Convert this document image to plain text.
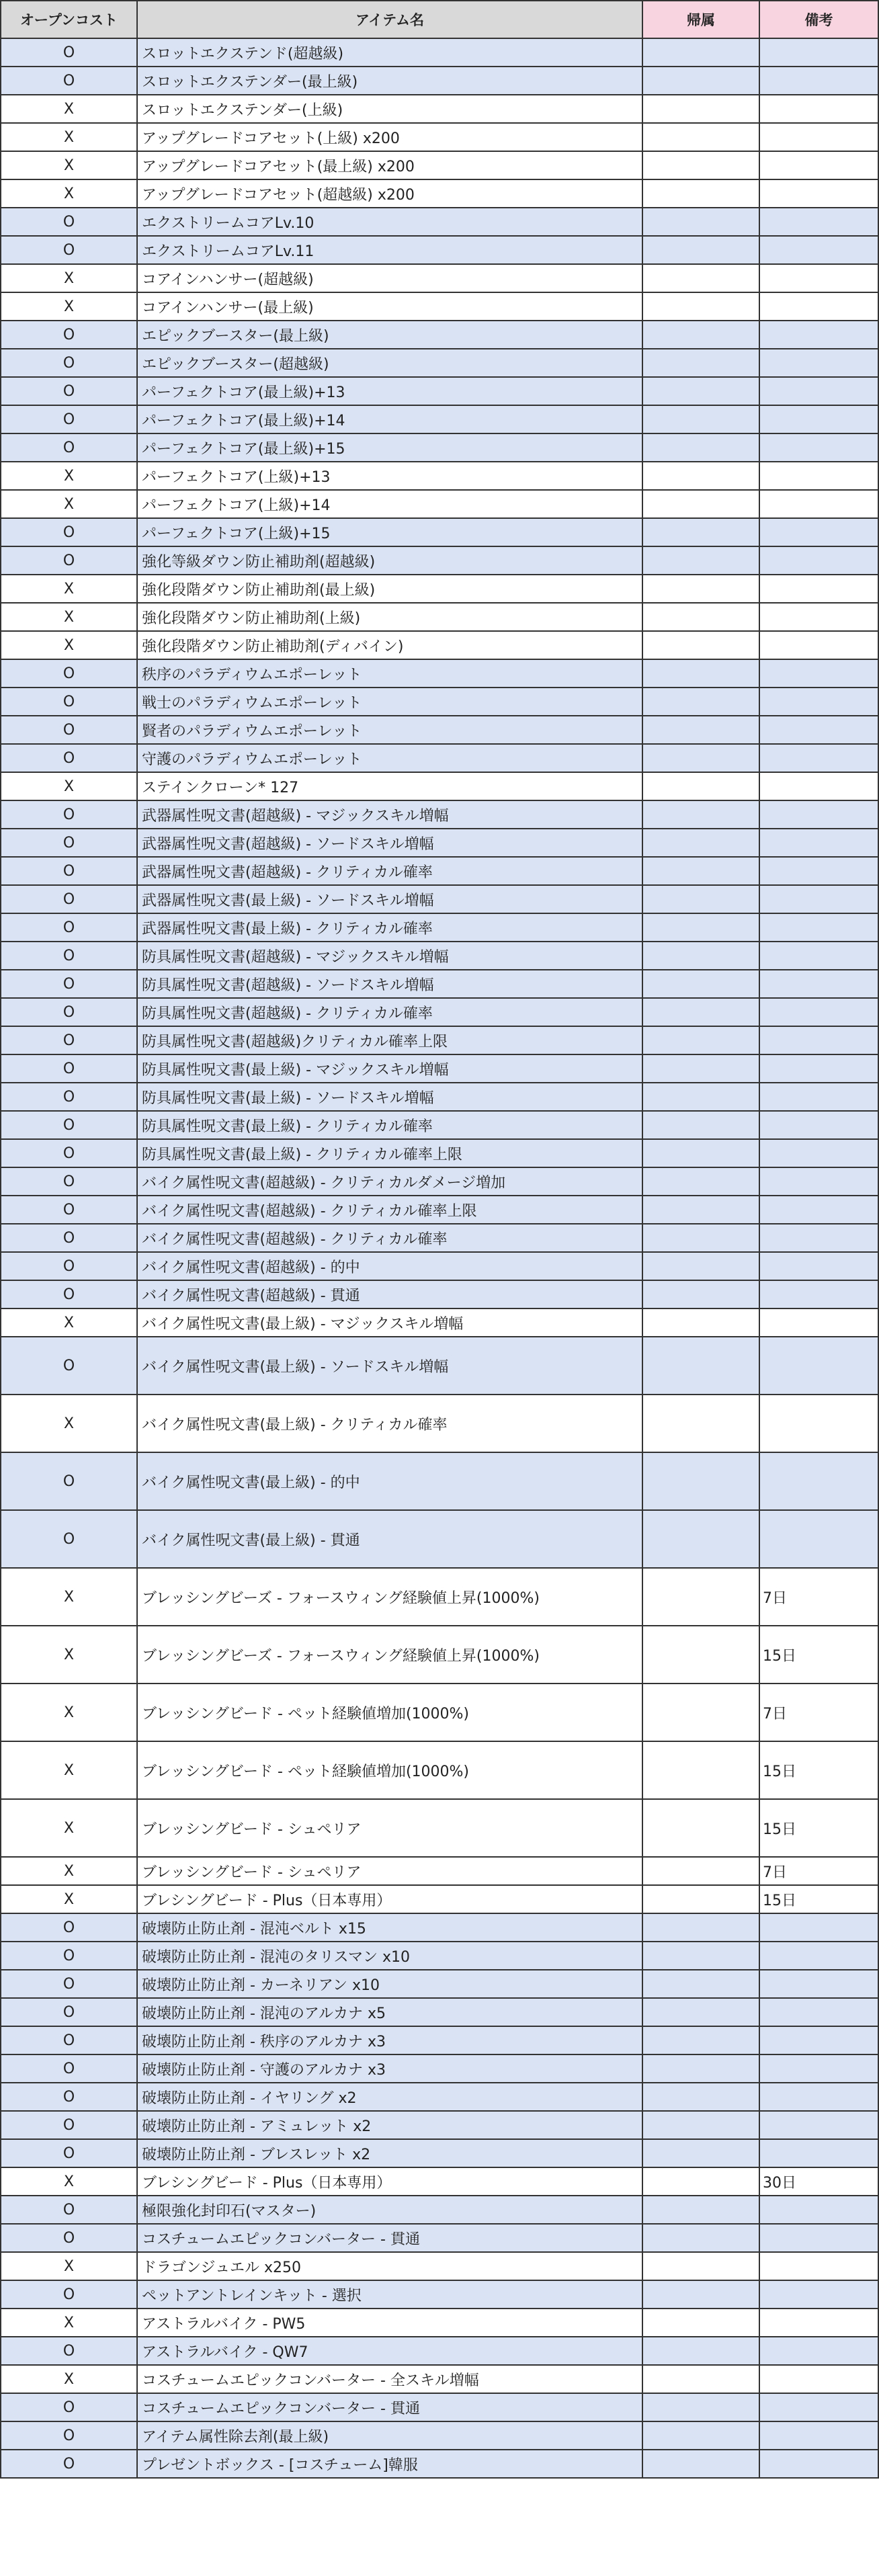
オープンコスト	アイテム名	帰属	備考
O	スロットエクステンド(超越級)		
O	スロットエクステンダー(最上級)		
X	スロットエクステンダー(上級)		
X	アップグレードコアセット(上級) x200		
X	アップグレードコアセット(最上級) x200		
X	アップグレードコアセット(超越級) x200		
O	エクストリームコアLv.10		
O	エクストリームコアLv.11		
X	コアインハンサー(超越級)		
X	コアインハンサー(最上級)		
O	エピックブースター(最上級)		
O	エピックブースター(超越級)		
O	パーフェクトコア(最上級)+13		
O	パーフェクトコア(最上級)+14		
O	パーフェクトコア(最上級)+15		
X	パーフェクトコア(上級)+13		
X	パーフェクトコア(上級)+14		
O	パーフェクトコア(上級)+15		
O	強化等級ダウン防止補助剤(超越級)		
X	強化段階ダウン防止補助剤(最上級)		
X	強化段階ダウン防止補助剤(上級)		
X	強化段階ダウン防止補助剤(ディバイン)		
O	秩序のパラディウムエポーレット		
O	戦士のパラディウムエポーレット		
O	賢者のパラディウムエポーレット		
O	守護のパラディウムエポーレット		
X	ステインクローン* 127		
O	武器属性呪文書(超越級) - マジックスキル増幅		
O	武器属性呪文書(超越級) - ソードスキル増幅		
O	武器属性呪文書(超越級) - クリティカル確率		
O	武器属性呪文書(最上級) - ソードスキル増幅		
O	武器属性呪文書(最上級) - クリティカル確率		
O	防具属性呪文書(超越級) - マジックスキル増幅		
O	防具属性呪文書(超越級) - ソードスキル増幅		
O	防具属性呪文書(超越級) - クリティカル確率		
O	防具属性呪文書(超越級)クリティカル確率上限		
O	防具属性呪文書(最上級) - マジックスキル増幅		
O	防具属性呪文書(最上級) - ソードスキル増幅		
O	防具属性呪文書(最上級) - クリティカル確率		
O	防具属性呪文書(最上級) - クリティカル確率上限		
O	バイク属性呪文書(超越級) - クリティカルダメージ増加		
O	バイク属性呪文書(超越級) - クリティカル確率上限		
O	バイク属性呪文書(超越級) - クリティカル確率		
O	バイク属性呪文書(超越級) - 的中		
O	バイク属性呪文書(超越級) - 貫通		
X	バイク属性呪文書(最上級) - マジックスキル増幅		
O	バイク属性呪文書(最上級) - ソードスキル増幅		
X	バイク属性呪文書(最上級) - クリティカル確率		
O	バイク属性呪文書(最上級) - 的中		
O	バイク属性呪文書(最上級) - 貫通		
X	ブレッシングビーズ - フォースウィング経験値上昇(1000%)		7日
X	ブレッシングビーズ - フォースウィング経験値上昇(1000%)		15日
X	ブレッシングビード - ペット経験値増加(1000%)		7日
X	ブレッシングビード - ペット経験値増加(1000%)		15日
X	ブレッシングビード - シュペリア		15日
X	ブレッシングビード - シュペリア		7日
X	ブレシングビード - Plus（日本専用）		15日
O	破壊防止防止剤 - 混沌ベルト x15		
O	破壊防止防止剤 - 混沌のタリスマン x10		
O	破壊防止防止剤 - カーネリアン x10		
O	破壊防止防止剤 - 混沌のアルカナ x5		
O	破壊防止防止剤 - 秩序のアルカナ x3		
O	破壊防止防止剤 - 守護のアルカナ x3		
O	破壊防止防止剤 - イヤリング x2		
O	破壊防止防止剤 - アミュレット x2		
O	破壊防止防止剤 - ブレスレット x2		
X	ブレシングビード - Plus（日本専用）		30日
O	極限強化封印石(マスター)		
O	コスチュームエピックコンバーター - 貫通		
X	ドラゴンジュエル x250		
O	ペットアントレインキット - 選択		
X	アストラルバイク - PW5		
O	アストラルバイク - QW7		
X	コスチュームエピックコンバーター - 全スキル増幅		
O	コスチュームエピックコンバーター - 貫通		
O	アイテム属性除去剤(最上級)		
O	プレゼントボックス - [コスチューム]韓服		
